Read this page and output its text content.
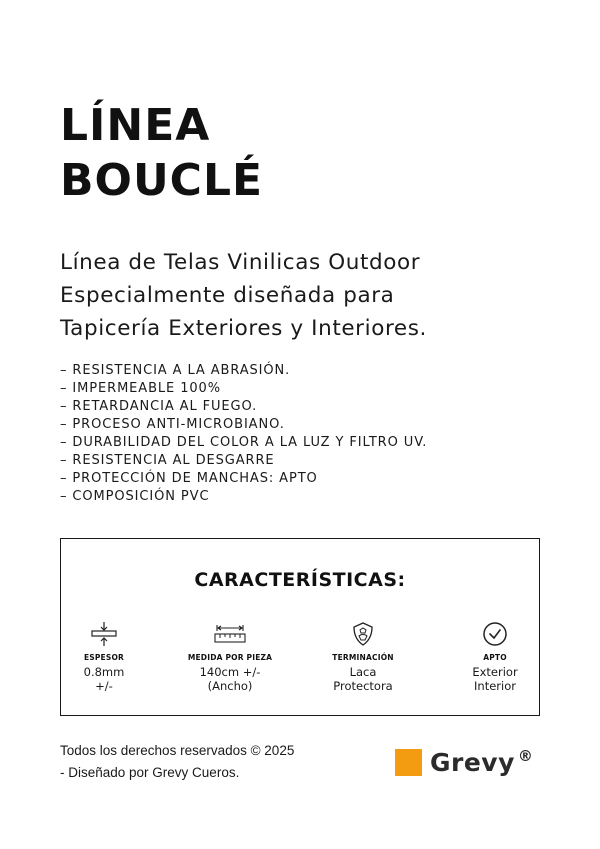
LÍNEA
BOUCLÉ
Línea de Telas Vinilicas Outdoor
Especialmente diseñada para
Tapicería Exteriores y Interiores.
– RESISTENCIA A LA ABRASIÓN.
– IMPERMEABLE 100%
– RETARDANCIA AL FUEGO.
– PROCESO ANTI-MICROBIANO.
– DURABILIDAD DEL COLOR A LA LUZ Y FILTRO UV.
– RESISTENCIA AL DESGARRE
– PROTECCIÓN DE MANCHAS: APTO
– COMPOSICIÓN PVC
CARACTERÍSTICAS:
ESPESOR
0.8mm
+/-
MEDIDA POR PIEZA
140cm +/-
(Ancho)
TERMINACIÓN
Laca
Protectora
APTO
Exterior
Interior
Todos los derechos reservados © 2025
- Diseñado por Grevy Cueros.	Grevy®
